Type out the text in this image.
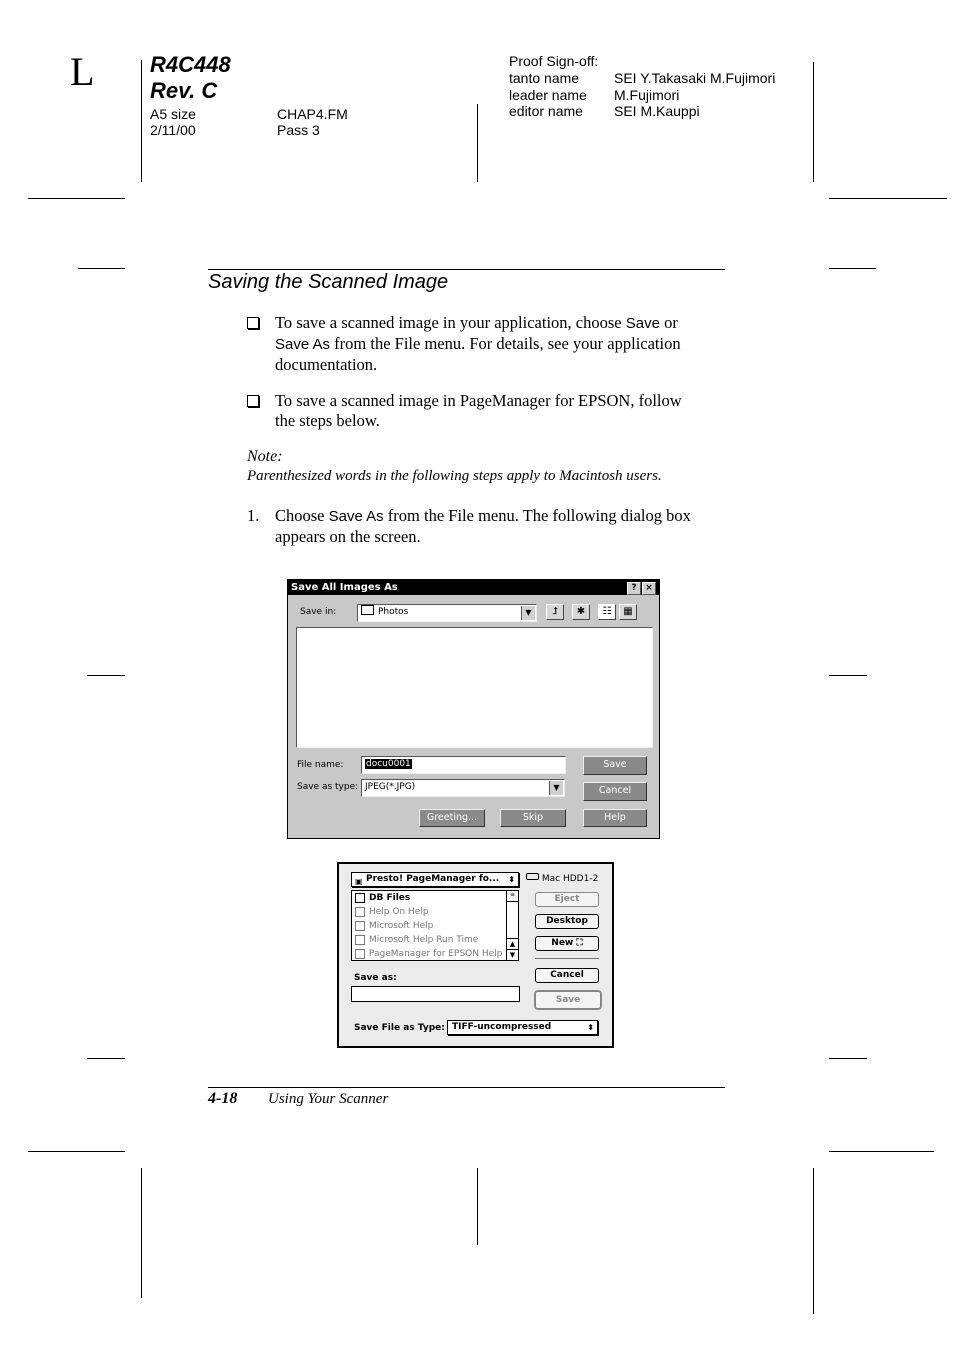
L	R4C448
Rev. C
A5 size
2/11/00
CHAP4.FM
Pass 3
Proof Sign-off:
tanto name SEI Y.Takasaki M.Fujimori
leader name M.Fujimori
editor name SEI M.Kauppi
Saving the Scanned Image
To save a scanned image in your application, choose Save or
Save As from the File menu. For details, see your application
documentation.
To save a scanned image in PageManager for EPSON, follow
the steps below.
Note:
Parenthesized words in the following steps apply to Macintosh users.
1. Choose Save As from the File menu. The following dialog box
appears on the screen.
Save All Images As	? ×
Save in:	Photos	▼	⮥	✱	☷	▦
File name:	docu0001
Save as type: JPEG(*.JPG)	▼
Save
Cancel
Greeting...	Skip	Help
▣ Presto! PageManager fo... ⬍	Mac HDD1-2
DB Files
Help On Help
Microsoft Help
Microsoft Help Run Time
PageManager for EPSON Help
≡
▲
▼
Eject
Desktop
New ⛶
Cancel
Save
Save as:
Save File as Type: TIFF-uncompressed	⬍
4-18 Using Your Scanner
